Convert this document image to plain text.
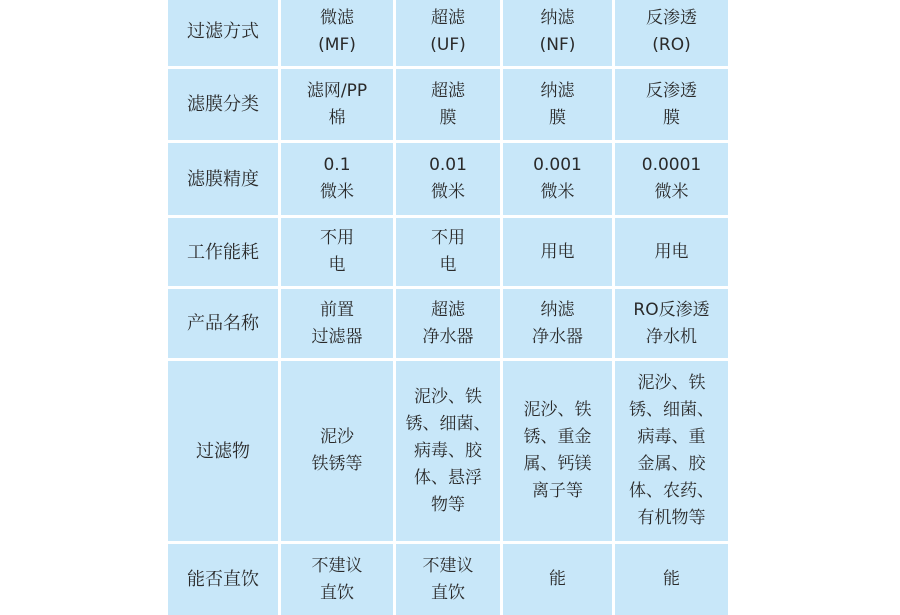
过滤方式
微滤
(MF)
超滤
(UF)
纳滤
(NF)
反渗透
(RO)
滤膜分类
滤网/PP
棉
超滤
膜
纳滤
膜
反渗透
膜
滤膜精度
0.1
微米
0.01
微米
0.001
微米
0.0001
微米
工作能耗
不用
电
不用
电
用电	用电
产品名称
前置
过滤器
超滤
净水器
纳滤
净水器
RO反渗透
净水机
过滤物
泥沙
铁锈等
泥沙、铁
锈、细菌、
病毒、胶
体、悬浮
物等
泥沙、铁
锈、重金
属、钙镁
离子等
泥沙、铁
锈、细菌、
病毒、重
金属、胶
体、农药、
有机物等
能否直饮
不建议
直饮
不建议
直饮
能	能
